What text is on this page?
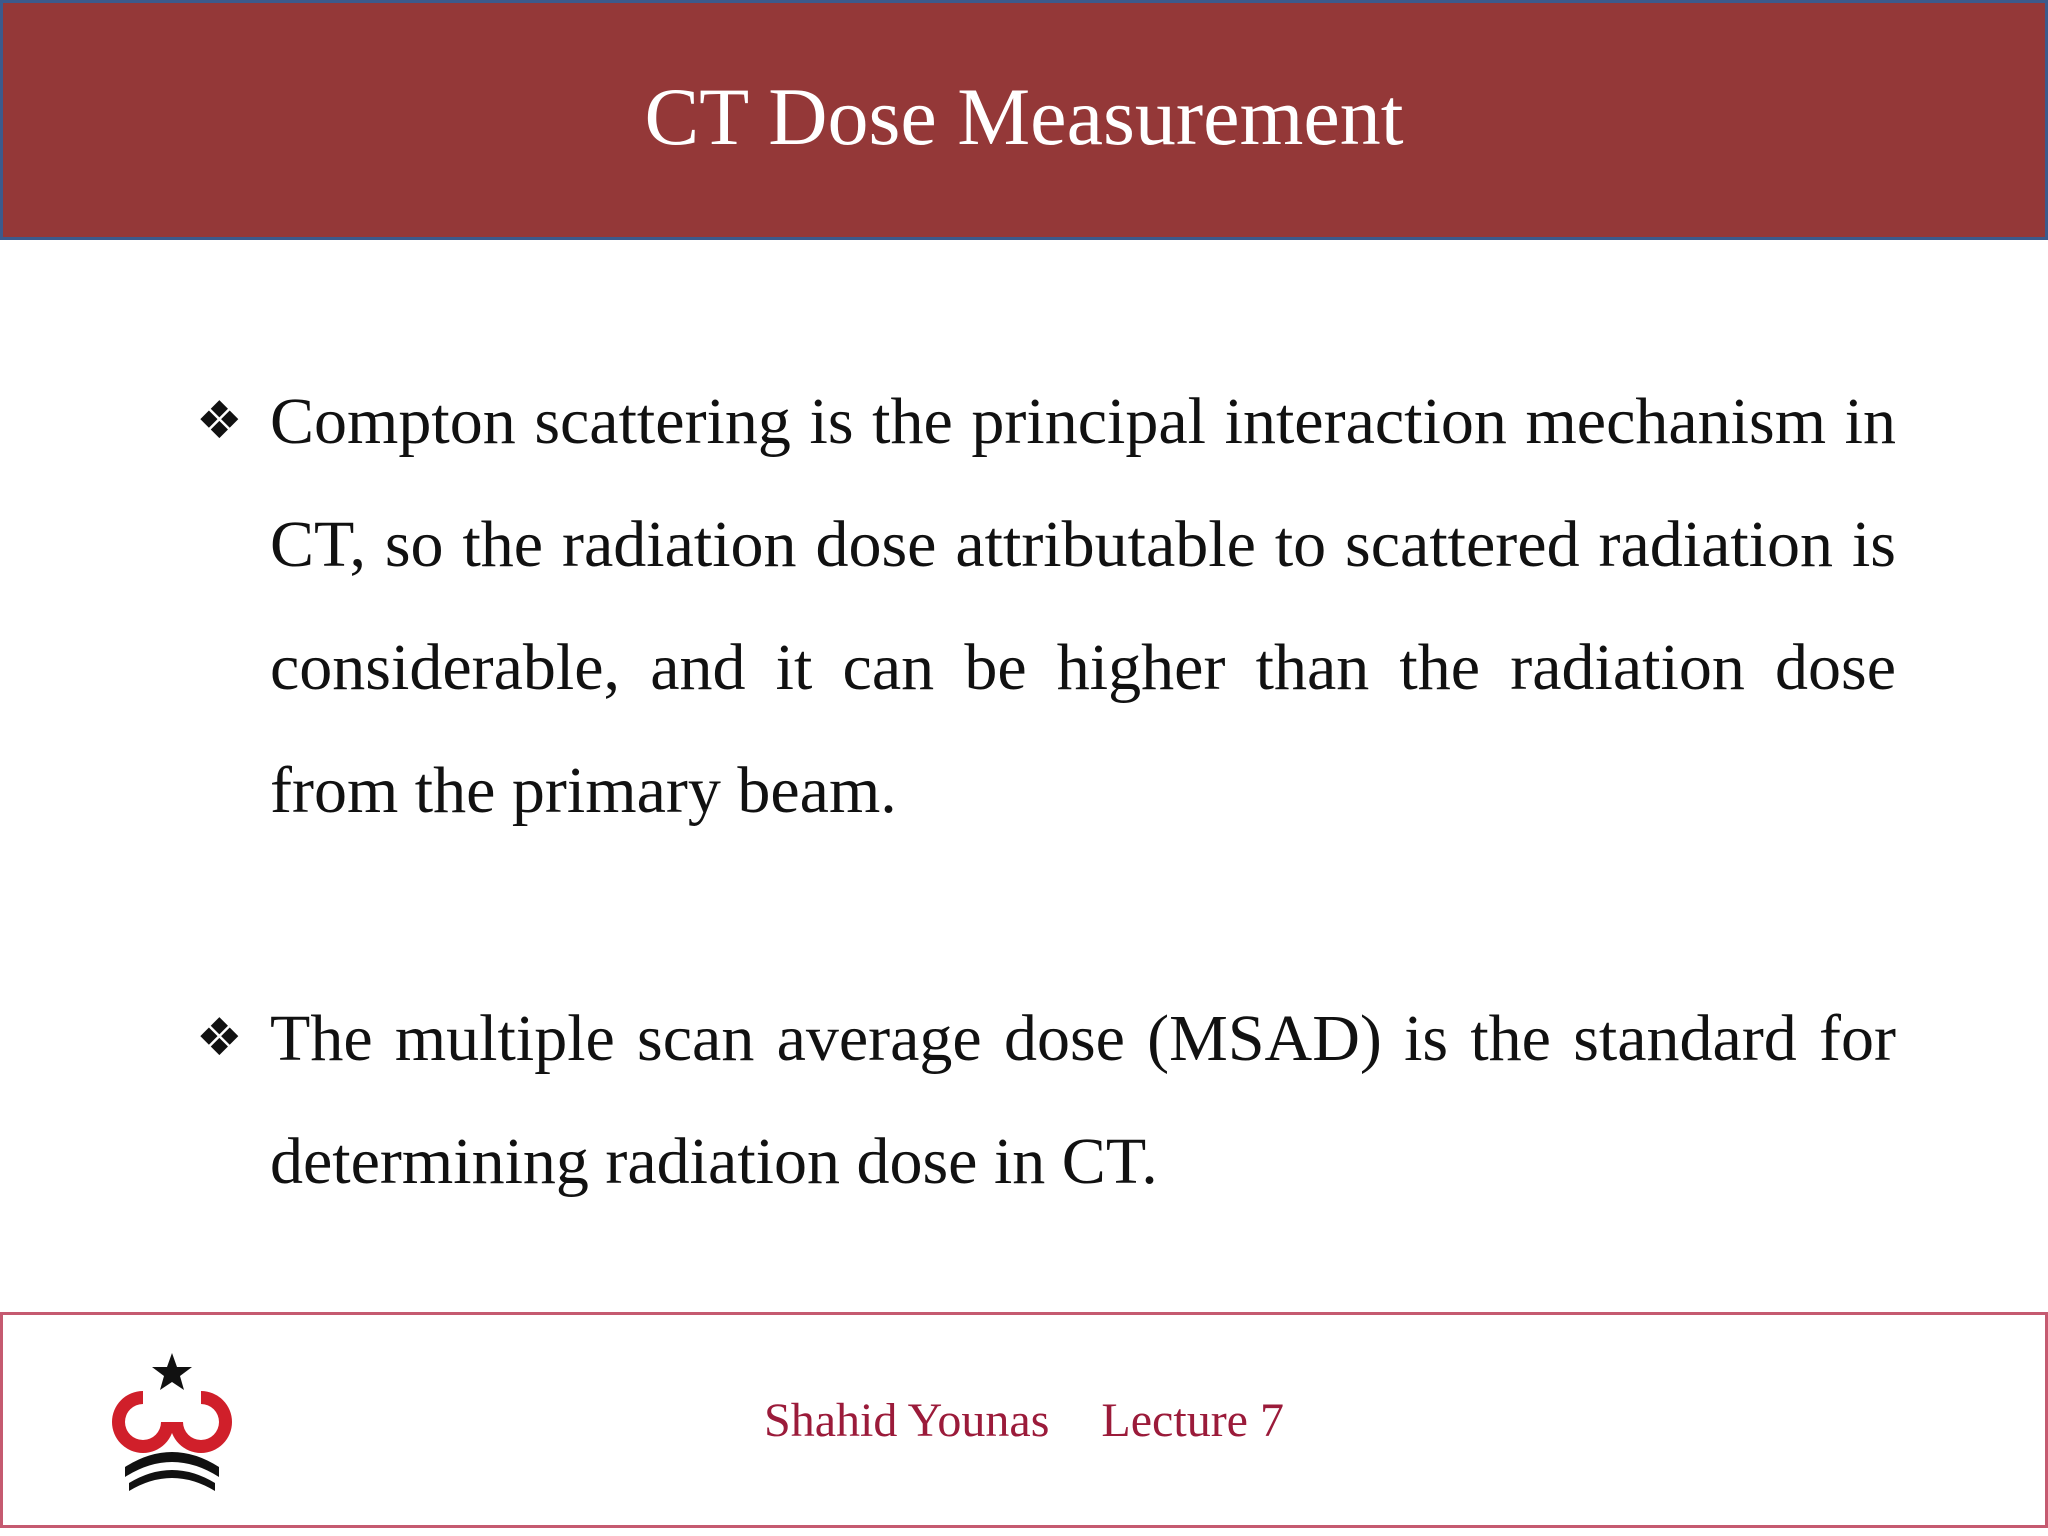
CT Dose Measurement
❖ Compton scattering is the principal interaction mechanism in CT, so the radiation dose attributable to scattered radiation is considerable, and it can be higher than the radiation dose from the primary beam.
❖ The multiple scan average dose (MSAD) is the standard for determining radiation dose in CT.
Shahid Younas Lecture 7
